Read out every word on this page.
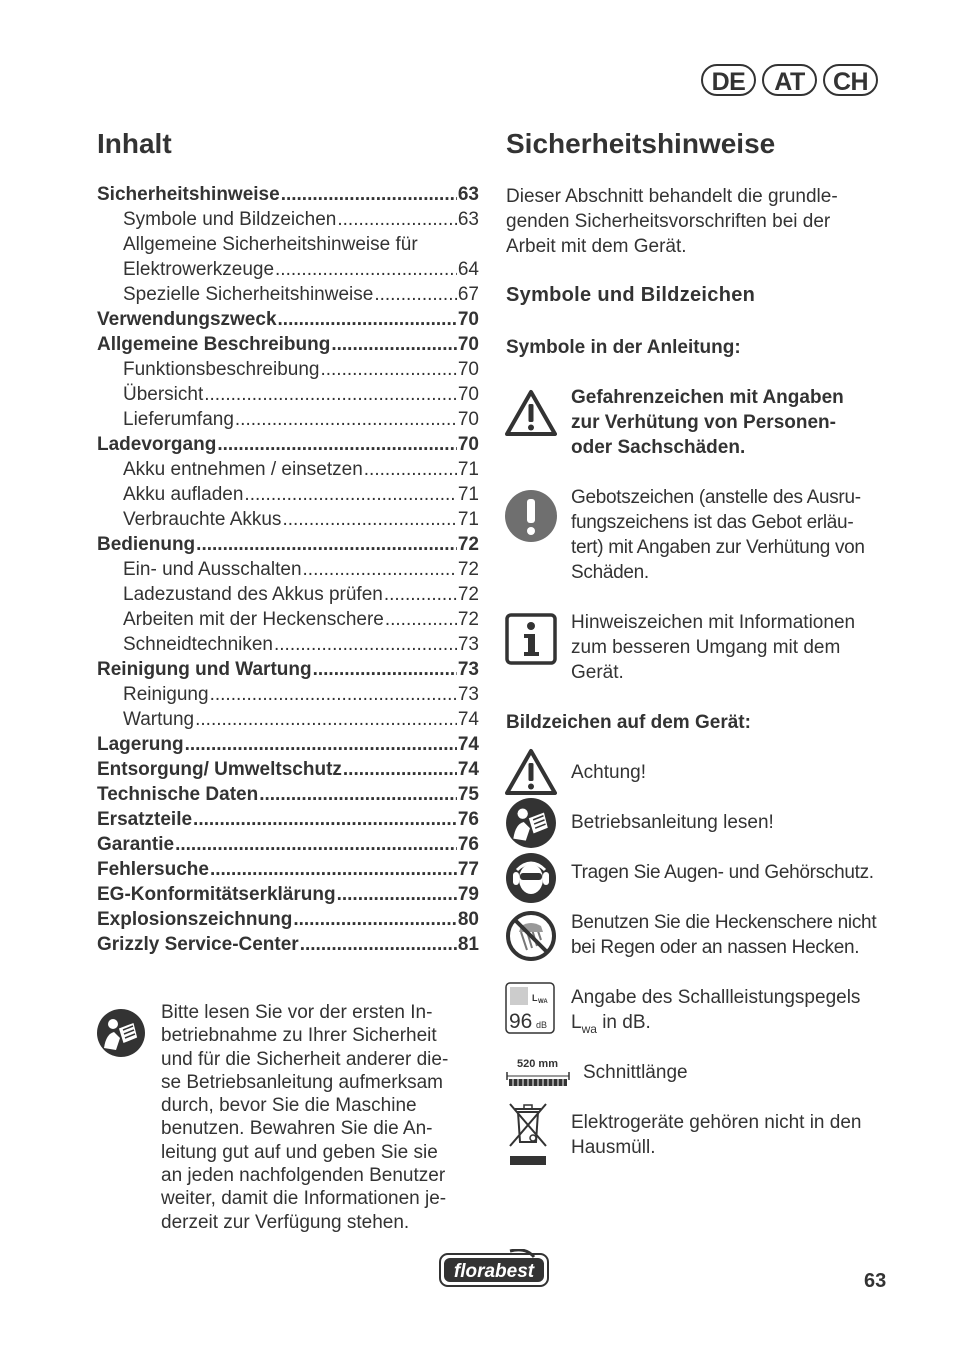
DE	AT	CH
Inhalt
Sicherheitshinweise .....	63
Symbole und Bildzeichen .....	63
Allgemeine Sicherheitshinweise für
Elektrowerkzeuge .....	64
Spezielle Sicherheitshinweise .....	67
Verwendungszweck .....	70
Allgemeine Beschreibung .....	70
Funktionsbeschreibung .....	70
Übersicht .....	70
Lieferumfang .....	70
Ladevorgang .....	70
Akku entnehmen / einsetzen .....	71
Akku aufladen .....	71
Verbrauchte Akkus .....	71
Bedienung .....	72
Ein- und Ausschalten .....	72
Ladezustand des Akkus prüfen .....	72
Arbeiten mit der Heckenschere .....	72
Schneidtechniken .....	73
Reinigung und Wartung .....	73
Reinigung .....	73
Wartung .....	74
Lagerung .....	74
Entsorgung/ Umweltschutz .....	74
Technische Daten .....	75
Ersatzteile .....	76
Garantie .....	76
Fehlersuche .....	77
EG-Konformitätserklärung .....	79
Explosionszeichnung .....	80
Grizzly Service-Center .....	81
Bitte lesen Sie vor der ersten In-
betriebnahme zu Ihrer Sicherheit
und für die Sicherheit anderer die-
se Betriebsanleitung aufmerksam
durch, bevor Sie die Maschine
benutzen. Bewahren Sie die An-
leitung gut auf und geben Sie sie
an jeden nachfolgenden Benutzer
weiter, damit die Informationen je-
derzeit zur Verfügung stehen.
Sicherheitshinweise
Dieser Abschnitt behandelt die grundle-
genden Sicherheitsvorschriften bei der
Arbeit mit dem Gerät.
Symbole und Bildzeichen
Symbole in der Anleitung:
Gefahrenzeichen mit Angaben
zur Verhütung von Personen-
oder Sachschäden.
Gebotszeichen (anstelle des Ausru-
fungszeichens ist das Gebot erläu-
tert) mit Angaben zur Verhütung von
Schäden.
Hinweiszeichen mit Informationen
zum besseren Umgang mit dem
Gerät.
Bildzeichen auf dem Gerät:
Achtung!
Betriebsanleitung lesen!
Tragen Sie Augen- und Gehörschutz.
Benutzen Sie die Heckenschere nicht
bei Regen oder an nassen Hecken.
L WA
96 dB
Angabe des Schallleistungspegels
$L_{wa}$ in dB.
520 mm Schnittlänge
Elektrogeräte gehören nicht in den
Hausmüll.
florabest	63
